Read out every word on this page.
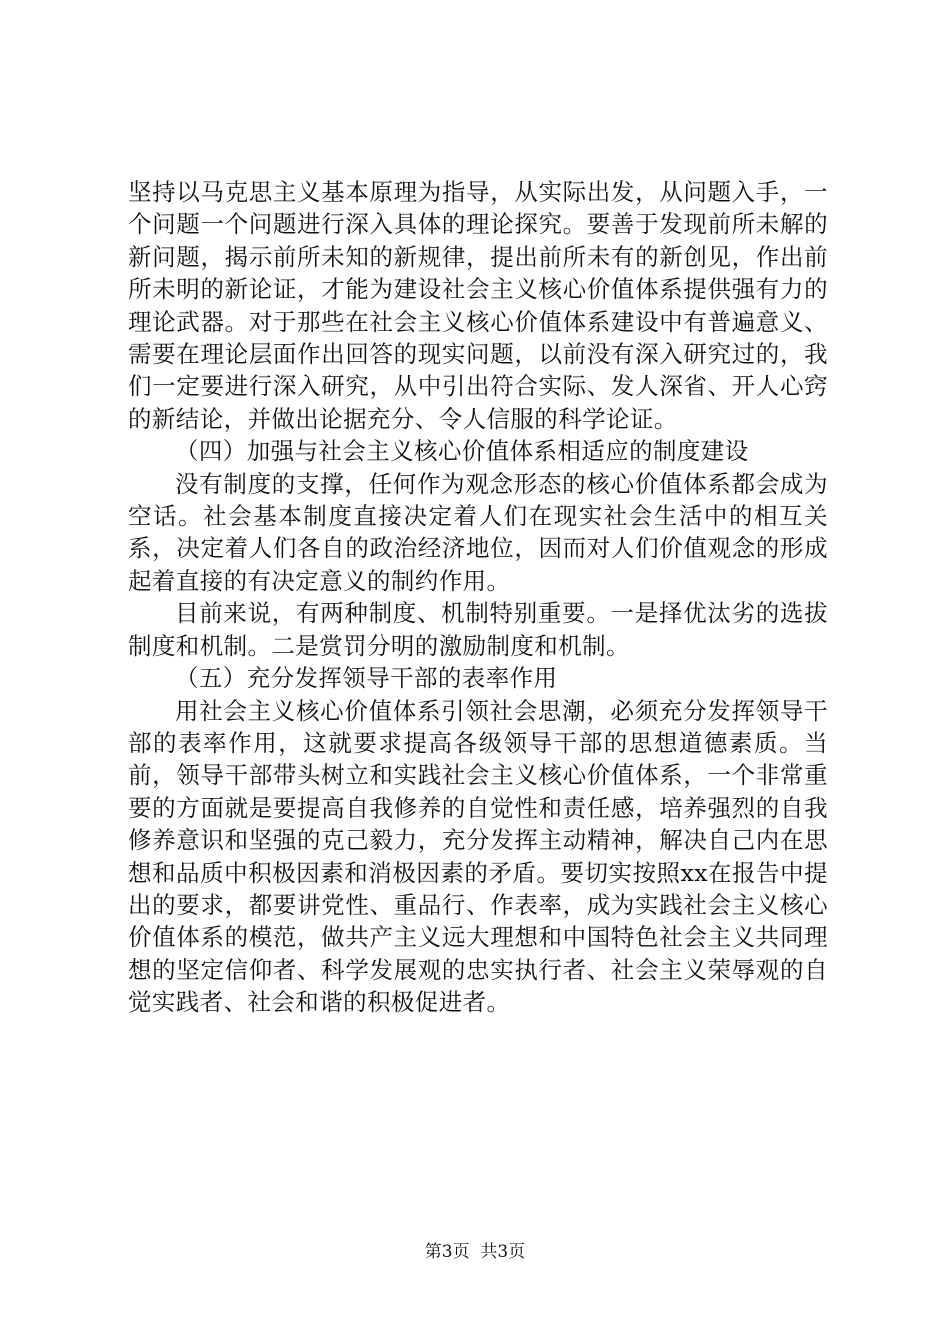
坚持以马克思主义基本原理为指导，从实际出发，从问题入手，一个问题一个问题进行深入具体的理论探究。要善于发现前所未解的新问题，揭示前所未知的新规律，提出前所未有的新创见，作出前所未明的新论证，才能为建设社会主义核心价值体系提供强有力的理论武器。对于那些在社会主义核心价值体系建设中有普遍意义、需要在理论层面作出回答的现实问题，以前没有深入研究过的，我们一定要进行深入研究，从中引出符合实际、发人深省、开人心窍的新结论，并做出论据充分、令人信服的科学论证。

（四）加强与社会主义核心价值体系相适应的制度建设

没有制度的支撑，任何作为观念形态的核心价值体系都会成为空话。社会基本制度直接决定着人们在现实社会生活中的相互关系，决定着人们各自的政治经济地位，因而对人们价值观念的形成起着直接的有决定意义的制约作用。

目前来说，有两种制度、机制特别重要。一是择优汰劣的选拔制度和机制。二是赏罚分明的激励制度和机制。

（五）充分发挥领导干部的表率作用

用社会主义核心价值体系引领社会思潮，必须充分发挥领导干部的表率作用，这就要求提高各级领导干部的思想道德素质。当前，领导干部带头树立和实践社会主义核心价值体系，一个非常重要的方面就是要提高自我修养的自觉性和责任感，培养强烈的自我修养意识和坚强的克己毅力，充分发挥主动精神，解决自己内在思想和品质中积极因素和消极因素的矛盾。要切实按照xx在报告中提出的要求，都要讲党性、重品行、作表率，成为实践社会主义核心价值体系的模范，做共产主义远大理想和中国特色社会主义共同理想的坚定信仰者、科学发展观的忠实执行者、社会主义荣辱观的自觉实践者、社会和谐的积极促进者。

第3页  共3页
